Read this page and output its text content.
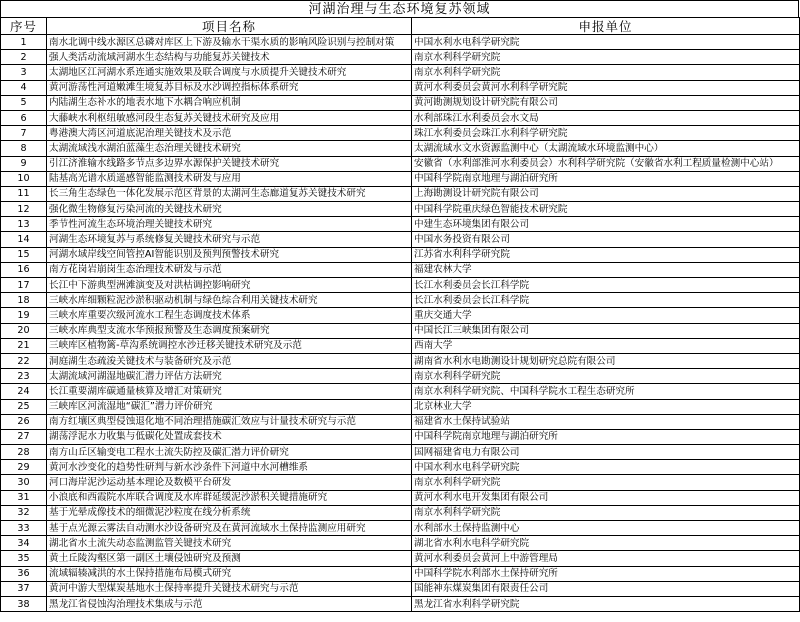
河湖治理与生态环境复苏领域
序号	项目名称	申报单位
1	南水北调中线水源区总磷对库区上下游及输水干渠水质的影响风险识别与控制对策	中国水利水电科学研究院
2	强人类活动流域河湖水生态结构与功能复苏关键技术	南京水利科学研究院
3	太湖地区江河湖水系连通实施效果及联合调度与水质提升关键技术研究	南京水利科学研究院
4	黄河游荡性河道嫩滩生境复苏目标及水沙调控指标体系研究	黄河水利委员会黄河水利科学研究院
5	内陆湖生态补水的地表水地下水耦合响应机制	黄河勘测规划设计研究院有限公司
6	大藤峡水利枢纽敏感河段生态复苏关键技术研究及应用	水利部珠江水利委员会水文局
7	粤港澳大湾区河道底泥治理关键技术及示范	珠江水利委员会珠江水利科学研究院
8	太湖流域浅水湖泊蓝藻生态治理关键技术研究	太湖流域水文水资源监测中心（太湖流域水环境监测中心）
9	引江济淮输水线路多节点多边界水源保护关键技术研究	安徽省（水利部淮河水利委员会）水利科学研究院（安徽省水利工程质量检测中心站）
10	陆基高光谱水质遥感智能监测技术研发与应用	中国科学院南京地理与湖泊研究所
11	长三角生态绿色一体化发展示范区背景的太湖河生态廊道复苏关键技术研究	上海勘测设计研究院有限公司
12	强化微生物修复污染河流的关键技术研究	中国科学院重庆绿色智能技术研究院
13	季节性河流生态环境治理关键技术研究	中建生态环境集团有限公司
14	河湖生态环境复苏与系统修复关键技术研究与示范	中国水务投资有限公司
15	河湖水域岸线空间管控AI智能识别及预判预警技术研究	江苏省水利科学研究院
16	南方花岗岩崩岗生态治理技术研发与示范	福建农林大学
17	长江中下游典型洲滩演变及对洪枯调控影响研究	长江水利委员会长江科学院
18	三峡水库细颗粒泥沙淤积驱动机制与绿色综合利用关键技术研究	长江水利委员会长江科学院
19	三峡水库重要次级河流水工程生态调度技术体系	重庆交通大学
20	三峡水库典型支流水华预报预警及生态调度预案研究	中国长江三峡集团有限公司
21	三峡库区植物篱-草沟系统调控水沙迁移关键技术研究及示范	西南大学
22	洞庭湖生态疏浚关键技术与装备研究及示范	湖南省水利水电勘测设计规划研究总院有限公司
23	太湖流域河湖湿地碳汇潜力评估方法研究	南京水利科学研究院
24	长江重要湖库碳通量核算及增汇对策研究	南京水利科学研究院、中国科学院水工程生态研究所
25	三峡库区河流湿地“碳汇”潜力评价研究	北京林业大学
26	南方红壤区典型侵蚀退化地不同治理措施碳汇效应与计量技术研究与示范	福建省水土保持试验站
27	湖荡浮泥水力收集与低碳化处置成套技术	中国科学院南京地理与湖泊研究所
28	南方山丘区输变电工程水土流失防控及碳汇潜力评价研究	国网福建省电力有限公司
29	黄河水沙变化的趋势性研判与新水沙条件下河道中水河槽维系	中国水利水电科学研究院
30	河口海岸泥沙运动基本理论及数模平台研发	南京水利科学研究院
31	小浪底和西霞院水库联合调度及水库群延缓泥沙淤积关键措施研究	黄河水利水电开发集团有限公司
32	基于光晕成像技术的细微泥沙粒度在线分析系统	南京水利科学研究院
33	基于点光源云雾法自动测水沙设备研究及在黄河流域水土保持监测应用研究	水利部水土保持监测中心
34	湖北省水土流失动态监测监管关键技术研究	湖北省水利水电科学研究院
35	黄土丘陵沟壑区第一副区土壤侵蚀研究及预测	黄河水利委员会黄河上中游管理局
36	流域辐辏减洪的水土保持措施布局模式研究	中国科学院水利部水土保持研究所
37	黄河中游大型煤炭基地水土保持率提升关键技术研究与示范	国能神东煤炭集团有限责任公司
38	黑龙江省侵蚀沟治理技术集成与示范	黑龙江省水利科学研究院
